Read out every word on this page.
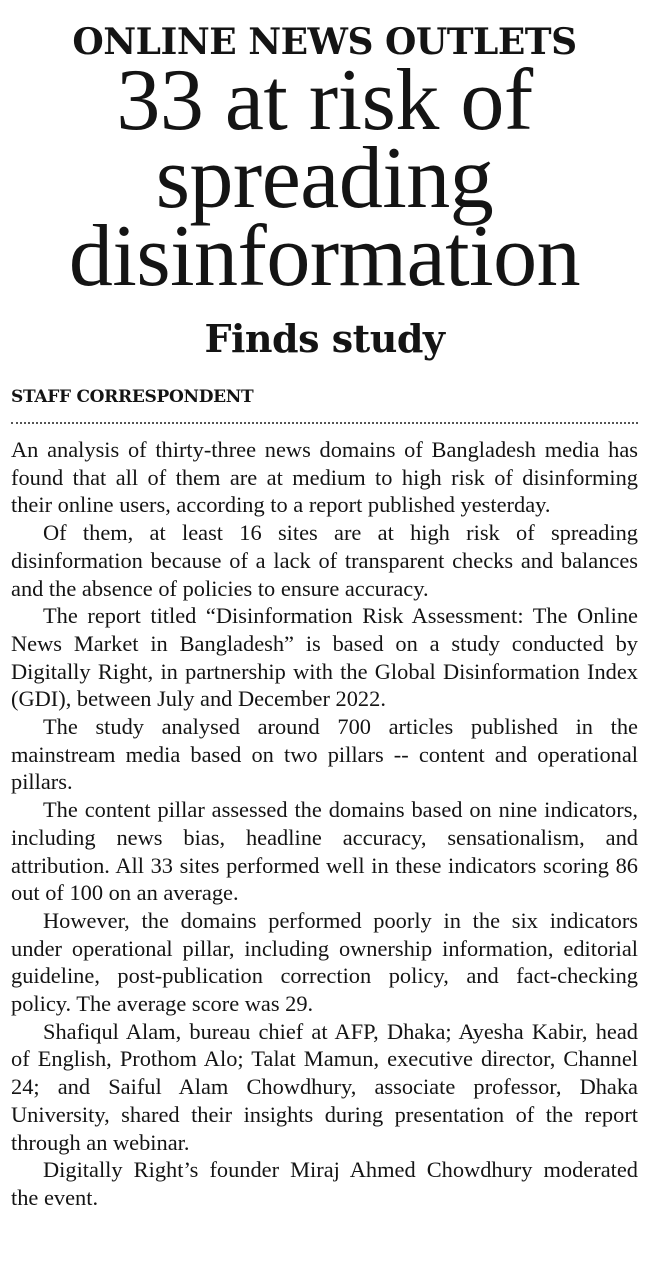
ONLINE NEWS OUTLETS
33 at risk of
spreading
disinformation
Finds study
STAFF CORRESPONDENT

An analysis of thirty-three news domains of Bangladesh media has found that all of them are at medium to high risk of disinforming their online users, according to a report published yesterday.

Of them, at least 16 sites are at high risk of spreading disinformation because of a lack of transparent checks and balances and the absence of policies to ensure accuracy.

The report titled “Disinformation Risk Assessment: The Online News Market in Bangladesh” is based on a study conducted by Digitally Right, in partnership with the Global Disinformation Index (GDI), between July and December 2022.

The study analysed around 700 articles published in the mainstream media based on two pillars -- content and operational pillars.

The content pillar assessed the domains based on nine indicators, including news bias, headline accuracy, sensationalism, and attribution. All 33 sites performed well in these indicators scoring 86 out of 100 on an average.

However, the domains performed poorly in the six indicators under operational pillar, including ownership information, editorial guideline, post-publication correction policy, and fact-checking policy. The average score was 29.

Shafiqul Alam, bureau chief at AFP, Dhaka; Ayesha Kabir, head of English, Prothom Alo; Talat Mamun, executive director, Channel 24; and Saiful Alam Chowdhury, associate professor, Dhaka University, shared their insights during presentation of the report through an webinar.

Digitally Right’s founder Miraj Ahmed Chowdhury moderated the event.
